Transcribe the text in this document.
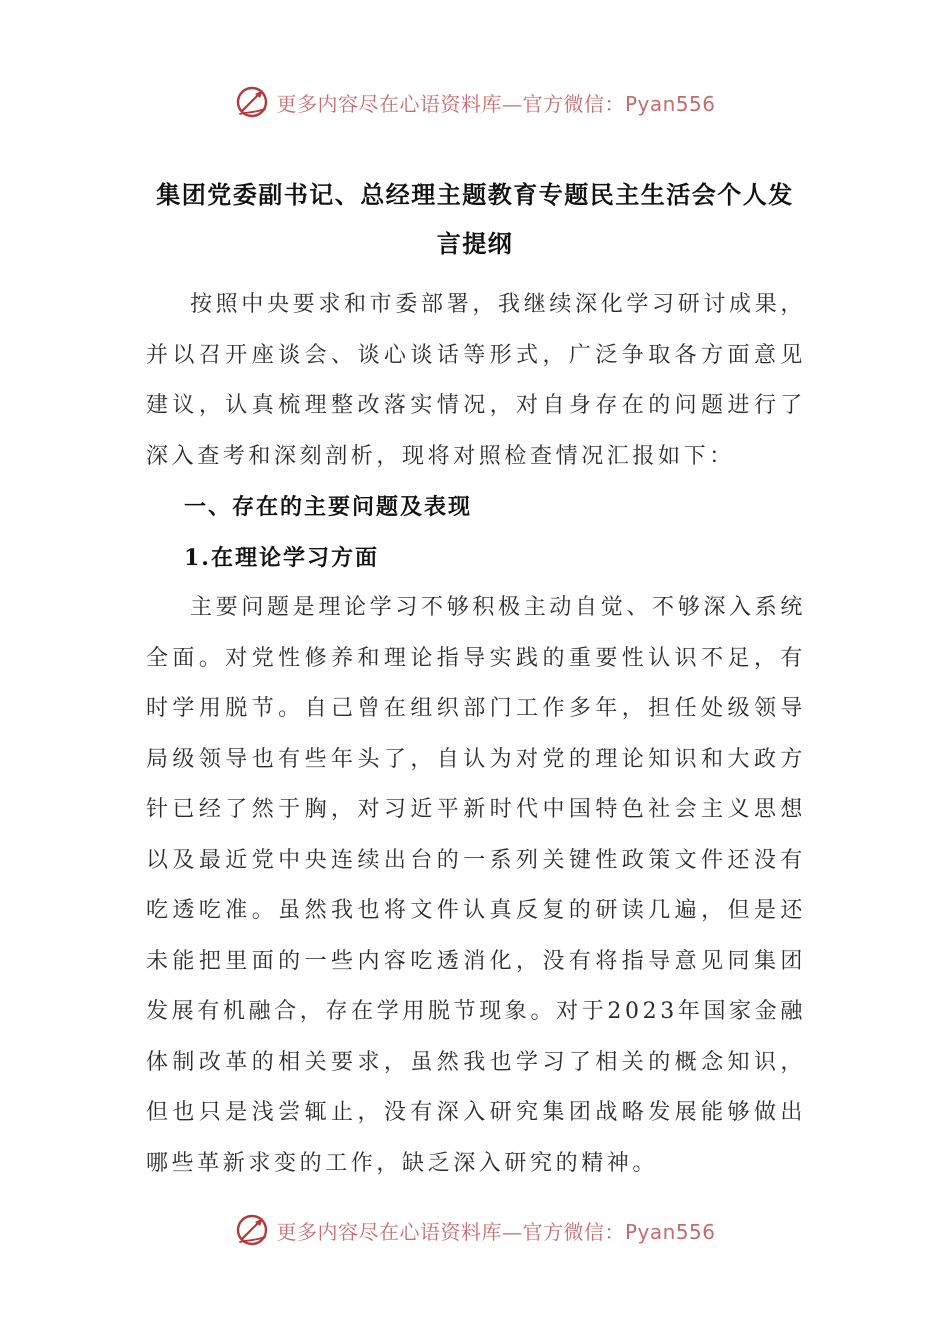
更多内容尽在心语资料库—官方微信：Pyan556
集团党委副书记、总经理主题教育专题民主生活会个人发
言提纲

按照中央要求和市委部署，我继续深化学习研讨成果，并以召开座谈会、谈心谈话等形式，广泛争取各方面意见建议，认真梳理整改落实情况，对自身存在的问题进行了深入查考和深刻剖析，现将对照检查情况汇报如下：

一、存在的主要问题及表现

1.在理论学习方面

主要问题是理论学习不够积极主动自觉、不够深入系统全面。对党性修养和理论指导实践的重要性认识不足，有时学用脱节。自己曾在组织部门工作多年，担任处级领导局级领导也有些年头了，自认为对党的理论知识和大政方针已经了然于胸，对习近平新时代中国特色社会主义思想以及最近党中央连续出台的一系列关键性政策文件还没有吃透吃准。虽然我也将文件认真反复的研读几遍，但是还未能把里面的一些内容吃透消化，没有将指导意见同集团发展有机融合，存在学用脱节现象。对于2023年国家金融体制改革的相关要求，虽然我也学习了相关的概念知识，但也只是浅尝辄止，没有深入研究集团战略发展能够做出哪些革新求变的工作，缺乏深入研究的精神。

更多内容尽在心语资料库—官方微信：Pyan556
